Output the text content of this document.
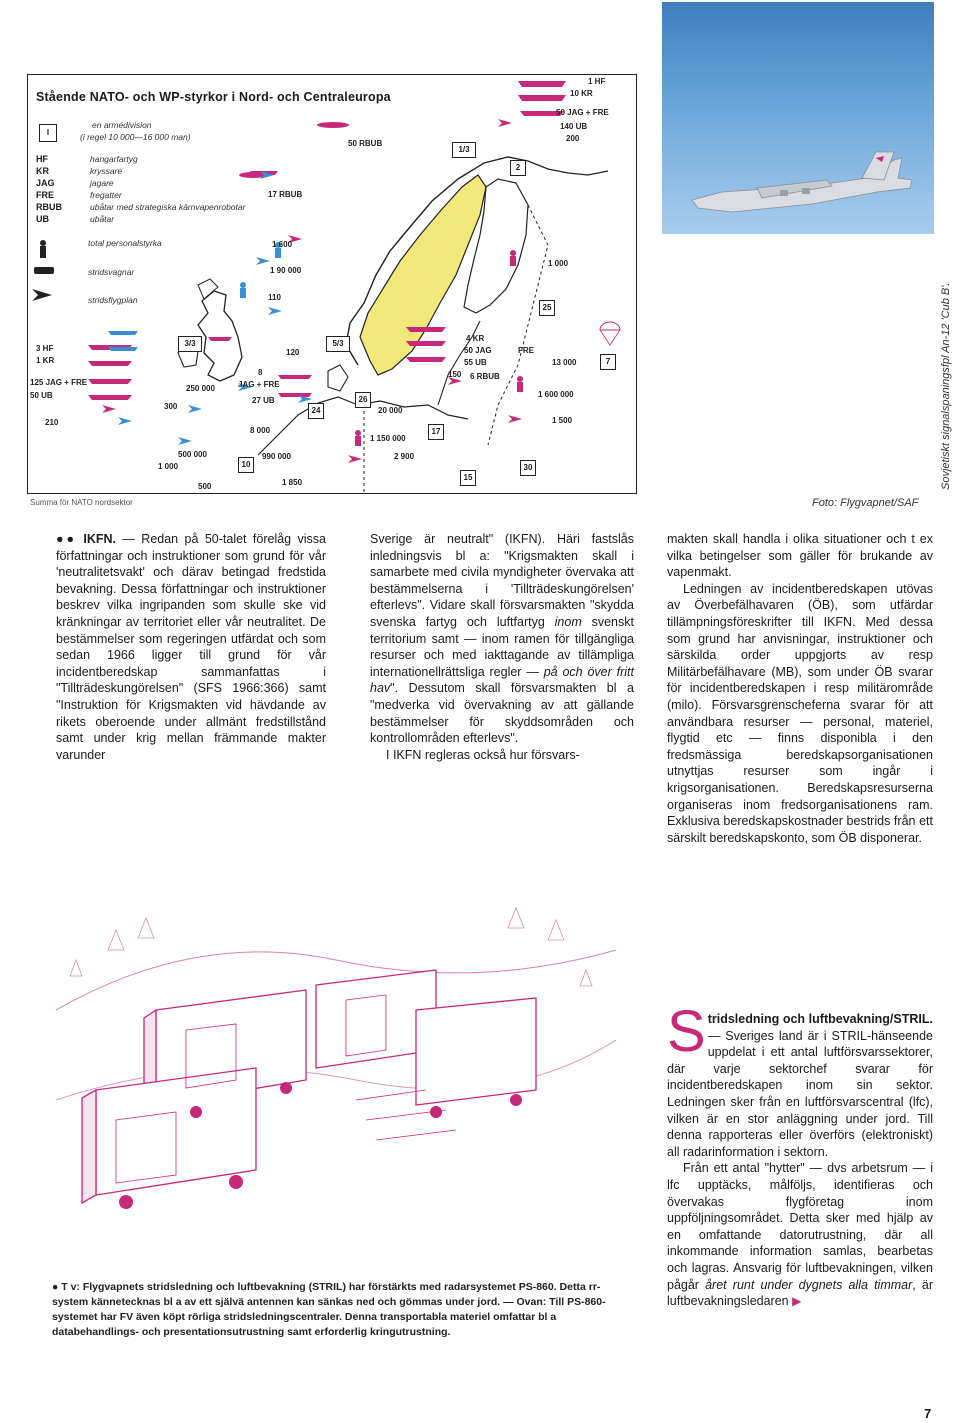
Stående NATO- och WP-styrkor i Nord- och Centraleuropa
I
en armédivision
(i regel 10 000—16 000 man)
HF	hangarfartyg
KR	kryssare
JAG	jagare
FRE	fregatter
RBUB	ubåtar med strategiska kärnvapenrobotar
UB	ubåtar
total personalstyrka
stridsvagnar
stridsflygplan
3 HF
1 KR
125 JAG + FRE
50 UB
50 RBUB
17 RBUB
1 600
1 90 000
110
120
8
JAG + FRE
27 UB
8 000
250 000
300
210
500 000
1 000
500
990 000
1 850
20 000
1 150 000
2 900
4 KR
50 JAG	FRE
55 UB
150 6 RBUB
13 000
1 600 000
1 500
1 000
1 HF
10 KR
50 JAG + FRE
140 UB
200
1/3
2
3/3	5/3
24
26
10
17
30
15
25
7
Summa för NATO nordsektor	Foto: Flygvapnet/SAF
Sovjetiskt signalspaningsfpl An-12 'Cub B'.

●● IKFN. — Redan på 50-talet förelåg vissa författningar och instruktioner som grund för vår 'neutralitetsvakt' och därav betingad fredstida bevakning. Dessa författningar och instruktioner beskrev vilka ingripanden som skulle ske vid kränkningar av territoriet eller vår neutralitet. De bestämmelser som regeringen utfärdat och som sedan 1966 ligger till grund för vår incidentberedskap sammanfattas i "Tillträdeskungörelsen" (SFS 1966:366) samt "Instruktion för Krigsmakten vid hävdande av rikets oberoende under allmänt fredstillstånd samt under krig mellan främmande makter varunder

Sverige är neutralt" (IKFN). Häri fastslås inledningsvis bl a: "Krigsmakten skall i samarbete med civila myndigheter övervaka att bestämmelserna i 'Tillträdeskungörelsen' efterlevs". Vidare skall försvarsmakten "skydda svenska fartyg och luftfartyg inom svenskt territorium samt — inom ramen för tillgängliga resurser och med iakttagande av tillämpliga internationellrättsliga regler — på och över fritt hav". Dessutom skall försvarsmakten bl a "medverka vid övervakning av att gällande bestämmelser för skyddsområden och kontrollområden efterlevs".

I IKFN regleras också hur försvars-

makten skall handla i olika situationer och t ex vilka betingelser som gäller för brukande av vapenmakt.

Ledningen av incidentberedskapen utövas av Överbefälhavaren (ÖB), som utfärdar tillämpningsföreskrifter till IKFN. Med dessa som grund har anvisningar, instruktioner och särskilda order uppgjorts av resp Militärbefälhavare (MB), som under ÖB svarar för incidentberedskapen i resp militärområde (milo). Försvarsgrenscheferna svarar för att användbara resurser — personal, materiel, flygtid etc — finns disponibla i den fredsmässiga beredskapsorganisationen utnyttjas resurser som ingår i krigsorganisationen. Beredskapsresurserna organiseras inom fredsorganisationens ram. Exklusiva beredskapskostnader bestrids från ett särskilt beredskapskonto, som ÖB disponerar.

Stridsledning och luftbevakning/STRIL. — Sveriges land är i STRIL-hänseende uppdelat i ett antal luftförsvarssektorer, där varje sektorchef svarar för incidentberedskapen inom sin sektor. Ledningen sker från en luftförsvarscentral (lfc), vilken är en stor anläggning under jord. Till denna rapporteras eller överförs (elektroniskt) all radarinformation i sektorn.

Från ett antal "hytter" — dvs arbetsrum — i lfc upptäcks, målföljs, identifieras och övervakas flygföretag inom uppföljningsområdet. Detta sker med hjälp av en omfattande datorutrustning, där all inkommande information samlas, bearbetas och lagras. Ansvarig för luftbevakningen, vilken pågår året runt under dygnets alla timmar, är luftbevakningsledaren ▶

● T v: Flygvapnets stridsledning och luftbevakning (STRIL) har förstärkts med radarsystemet PS-860. Detta rr-system kännetecknas bl a av ett självä antennen kan sänkas ned och gömmas under jord. — Ovan: Till PS-860-systemet har FV även köpt rörliga stridsledningscentraler. Denna transportabla materiel omfattar bl a databehandlings- och presentationsutrustning samt erforderlig kringutrustning.
7
